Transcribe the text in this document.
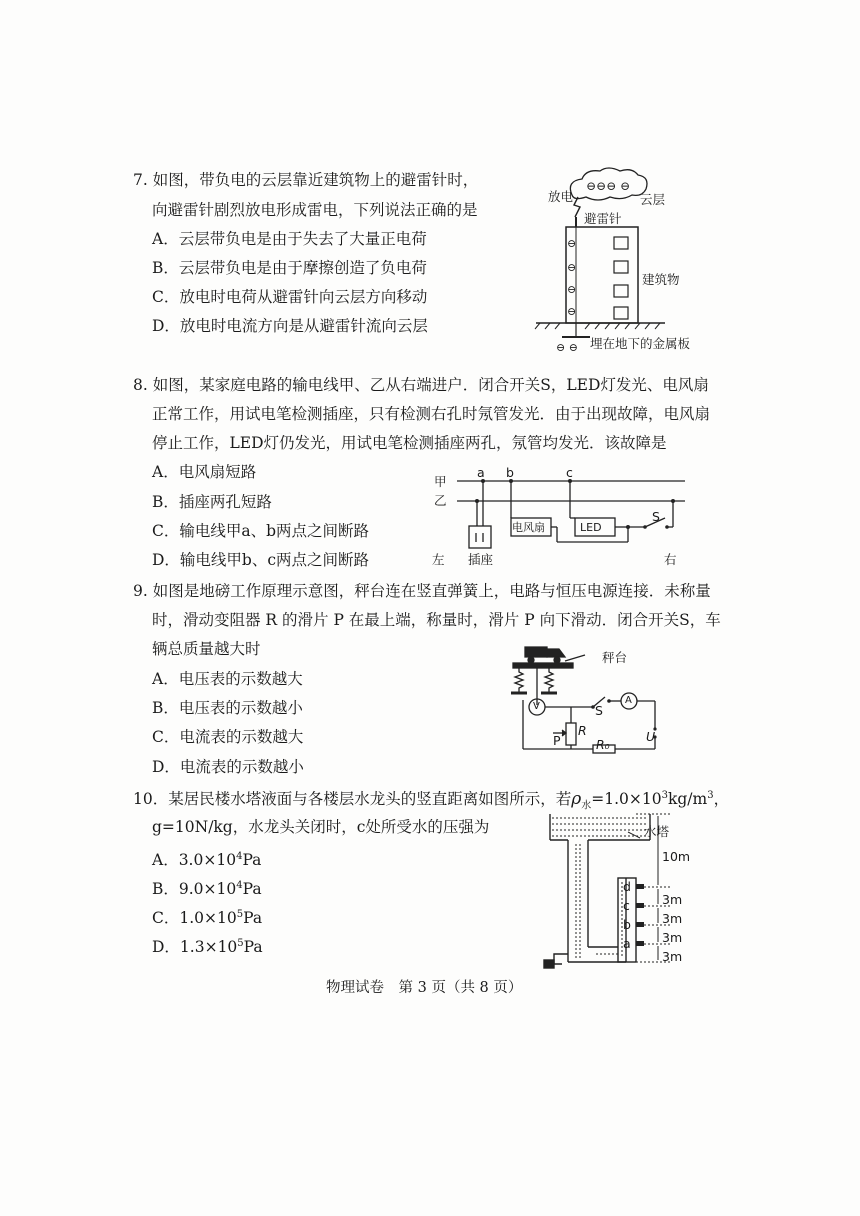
7. 如图，带负电的云层靠近建筑物上的避雷针时，
向避雷针剧烈放电形成雷电，下列说法正确的是
A．云层带负电是由于失去了大量正电荷
B．云层带负电是由于摩擦创造了负电荷
C．放电时电荷从避雷针向云层方向移动
D．放电时电流方向是从避雷针流向云层
⊖⊖⊖ ⊖
⊖
⊖
⊖
⊖
⊖ ⊖
放电	云层
避雷针
建筑物
埋在地下的金属板
8. 如图，某家庭电路的输电线甲、乙从右端进户．闭合开关S，LED灯发光、电风扇
正常工作，用试电笔检测插座，只有检测右孔时氖管发光．由于出现故障，电风扇
停止工作，LED灯仍发光，用试电笔检测插座两孔，氖管均发光．该故障是
A．电风扇短路
B．插座两孔短路
C．输电线甲a、b两点之间断路
D．输电线甲b、c两点之间断路
甲
乙
a b	c
电风扇	LED
S
左 插座	右
9. 如图是地磅工作原理示意图，秤台连在竖直弹簧上，电路与恒压电源连接．未称量
时，滑动变阻器 R 的滑片 P 在最上端，称量时，滑片 P 向下滑动．闭合开关S，车
辆总质量越大时
A．电压表的示数越大
B．电压表的示数越小
C．电流表的示数越大
D．电流表的示数越小
秤台
V
A
S
R
P	R₀
U
10．某居民楼水塔液面与各楼层水龙头的竖直距离如图所示，若$\rho_水=1.0\times 10^3kg/m^3$，
g=10N/kg，水龙头关闭时，c处所受水的压强为
A．$3.0\times 10^4Pa$
B．$9.0\times 10^4Pa$
C．$1.0\times 10^5Pa$
D．$1.3\times 10^5Pa$
水塔
10m
3m
3m
3m
3m
d
c
b
a
物理试卷　第 3 页（共 8 页）
